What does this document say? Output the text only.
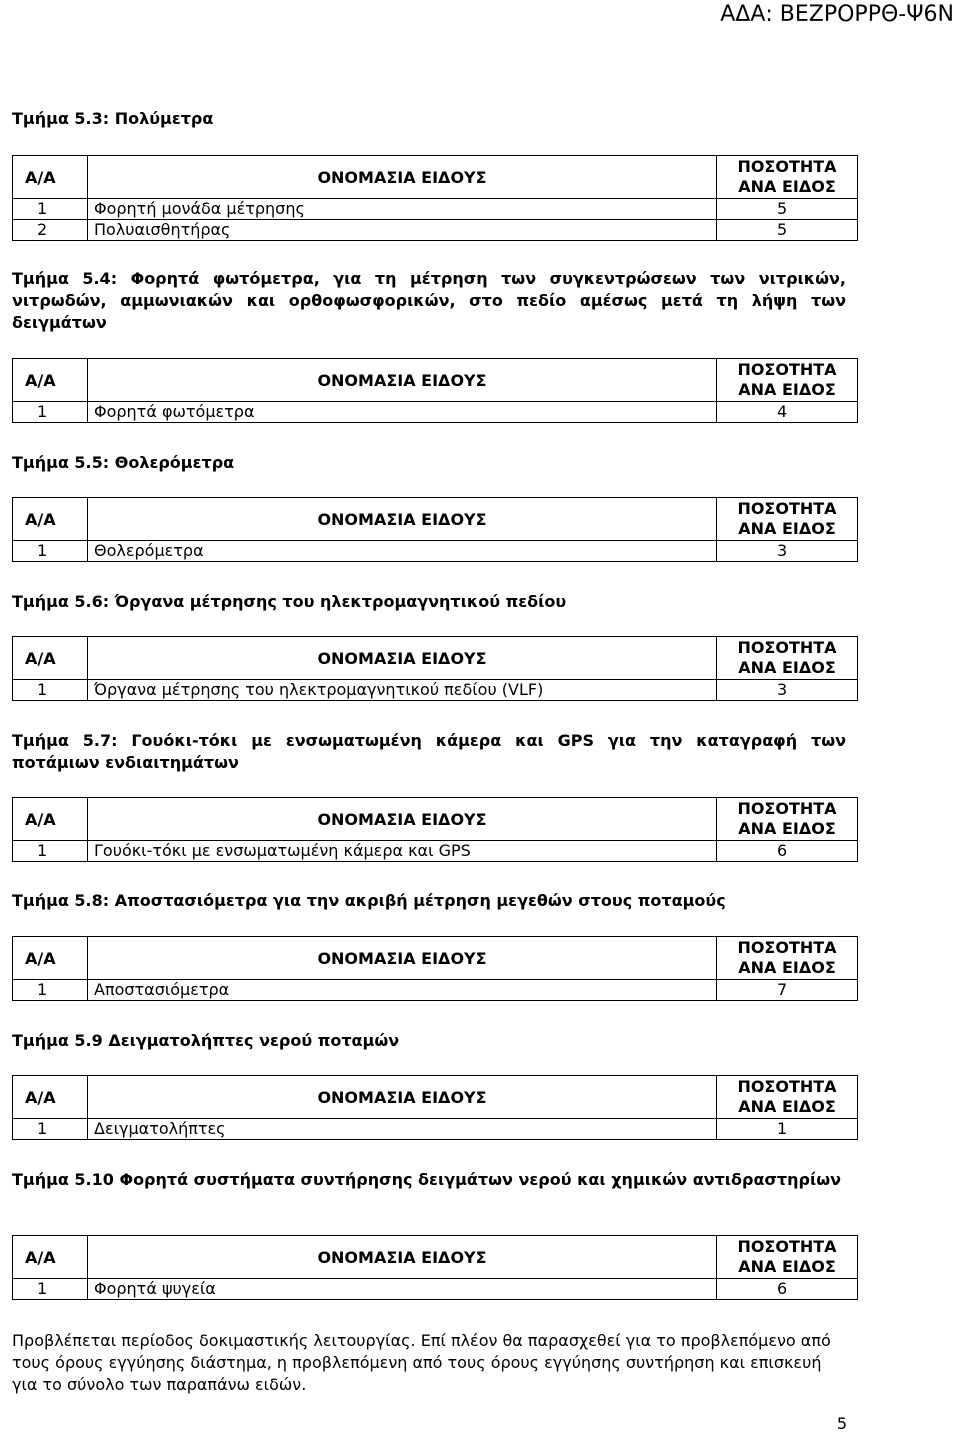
ΑΔΑ: ΒΕΖΡΟΡΡΘ-Ψ6Ν
Τμήμα 5.3: Πολύμετρα
Α/Α	ΟΝΟΜΑΣΙΑ ΕΙΔΟΥΣ	ΠΟΣΟΤΗΤΑ
ΑΝΑ ΕΙΔΟΣ
1	Φορητή μονάδα μέτρησης	5
2	Πολυαισθητήρας	5
Τμήμα 5.4: Φορητά φωτόμετρα, για τη μέτρηση των συγκεντρώσεων των νιτρικών, νιτρωδών, αμμωνιακών και ορθοφωσφορικών, στο πεδίο αμέσως μετά τη λήψη των δειγμάτων
Α/Α	ΟΝΟΜΑΣΙΑ ΕΙΔΟΥΣ	ΠΟΣΟΤΗΤΑ
ΑΝΑ ΕΙΔΟΣ
1	Φορητά φωτόμετρα	4
Τμήμα 5.5: Θολερόμετρα
Α/Α	ΟΝΟΜΑΣΙΑ ΕΙΔΟΥΣ	ΠΟΣΟΤΗΤΑ
ΑΝΑ ΕΙΔΟΣ
1	Θολερόμετρα	3
Τμήμα 5.6: Όργανα μέτρησης του ηλεκτρομαγνητικού πεδίου
Α/Α	ΟΝΟΜΑΣΙΑ ΕΙΔΟΥΣ	ΠΟΣΟΤΗΤΑ
ΑΝΑ ΕΙΔΟΣ
1	Όργανα μέτρησης του ηλεκτρομαγνητικού πεδίου (VLF)	3
Τμήμα 5.7: Γουόκι-τόκι με ενσωματωμένη κάμερα και GPS για την καταγραφή των ποτάμιων ενδιαιτημάτων
Α/Α	ΟΝΟΜΑΣΙΑ ΕΙΔΟΥΣ	ΠΟΣΟΤΗΤΑ
ΑΝΑ ΕΙΔΟΣ
1	Γουόκι-τόκι με ενσωματωμένη κάμερα και GPS	6
Τμήμα 5.8: Αποστασιόμετρα για την ακριβή μέτρηση μεγεθών στους ποταμούς
Α/Α	ΟΝΟΜΑΣΙΑ ΕΙΔΟΥΣ	ΠΟΣΟΤΗΤΑ
ΑΝΑ ΕΙΔΟΣ
1	Αποστασιόμετρα	7
Τμήμα 5.9 Δειγματολήπτες νερού ποταμών
Α/Α	ΟΝΟΜΑΣΙΑ ΕΙΔΟΥΣ	ΠΟΣΟΤΗΤΑ
ΑΝΑ ΕΙΔΟΣ
1	Δειγματολήπτες	1
Τμήμα 5.10 Φορητά συστήματα συντήρησης δειγμάτων νερού και χημικών αντιδραστηρίων
Α/Α	ΟΝΟΜΑΣΙΑ ΕΙΔΟΥΣ	ΠΟΣΟΤΗΤΑ
ΑΝΑ ΕΙΔΟΣ
1	Φορητά ψυγεία	6
Προβλέπεται περίοδος δοκιμαστικής λειτουργίας. Επί πλέον θα παρασχεθεί για το προβλεπόμενο από τους όρους εγγύησης διάστημα, η προβλεπόμενη από τους όρους εγγύησης συντήρηση και επισκευή για το σύνολο των παραπάνω ειδών.
5
